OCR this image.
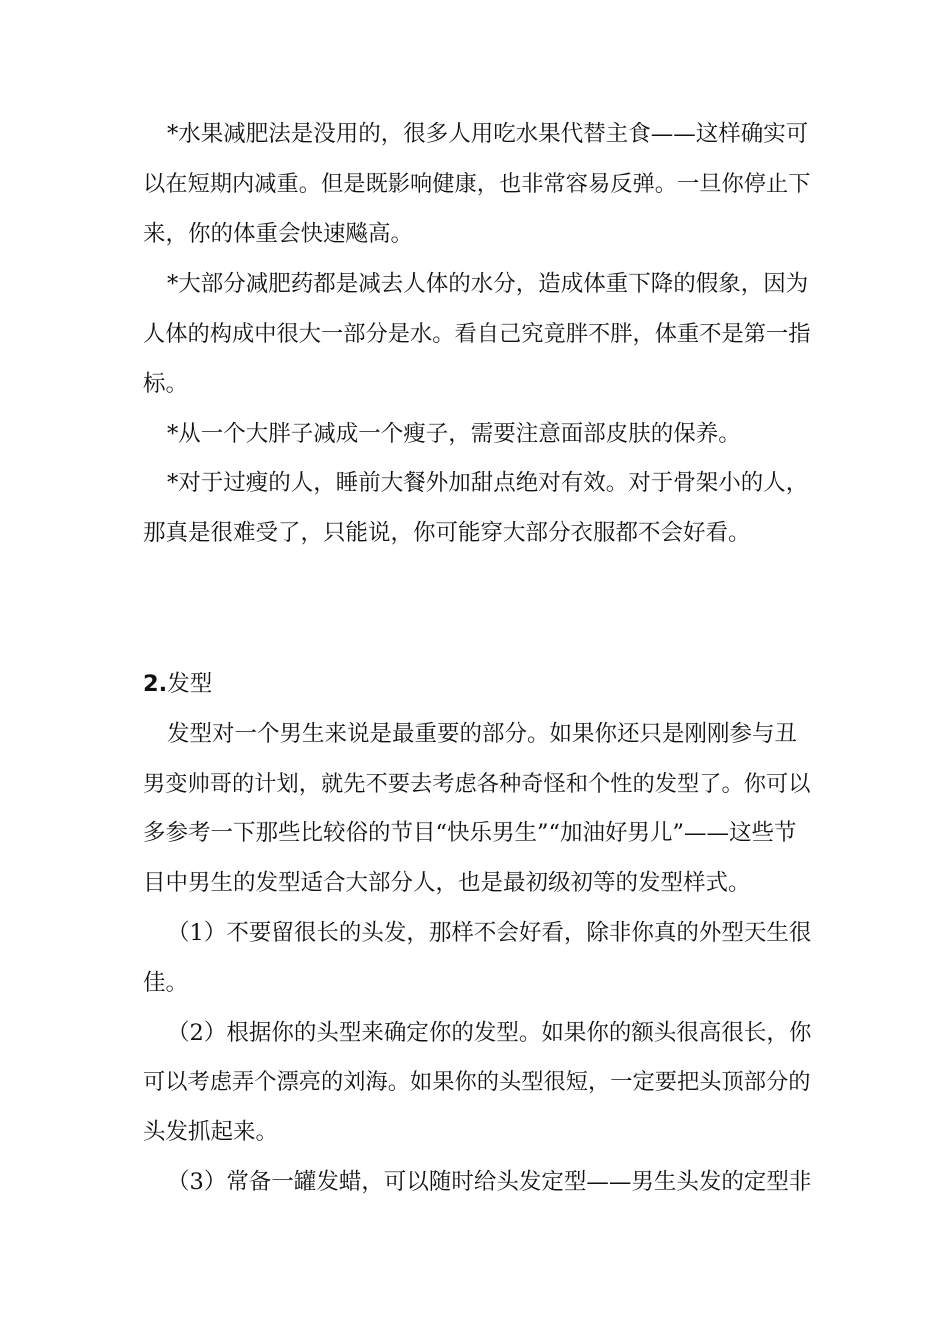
*水果减肥法是没用的，很多人用吃水果代替主食——这样确实可
以在短期内减重。但是既影响健康，也非常容易反弹。一旦你停止下
来，你的体重会快速飚高。
*大部分减肥药都是减去人体的水分，造成体重下降的假象，因为
人体的构成中很大一部分是水。看自己究竟胖不胖，体重不是第一指
标。
*从一个大胖子减成一个瘦子，需要注意面部皮肤的保养。
*对于过瘦的人，睡前大餐外加甜点绝对有效。对于骨架小的人，
那真是很难受了，只能说，你可能穿大部分衣服都不会好看。
2.发型
发型对一个男生来说是最重要的部分。如果你还只是刚刚参与丑
男变帅哥的计划，就先不要去考虑各种奇怪和个性的发型了。你可以
多参考一下那些比较俗的节目“快乐男生”“加油好男儿”——这些节
目中男生的发型适合大部分人，也是最初级初等的发型样式。
（1）不要留很长的头发，那样不会好看，除非你真的外型天生很
佳。
（2）根据你的头型来确定你的发型。如果你的额头很高很长，你
可以考虑弄个漂亮的刘海。如果你的头型很短，一定要把头顶部分的
头发抓起来。
（3）常备一罐发蜡，可以随时给头发定型——男生头发的定型非
